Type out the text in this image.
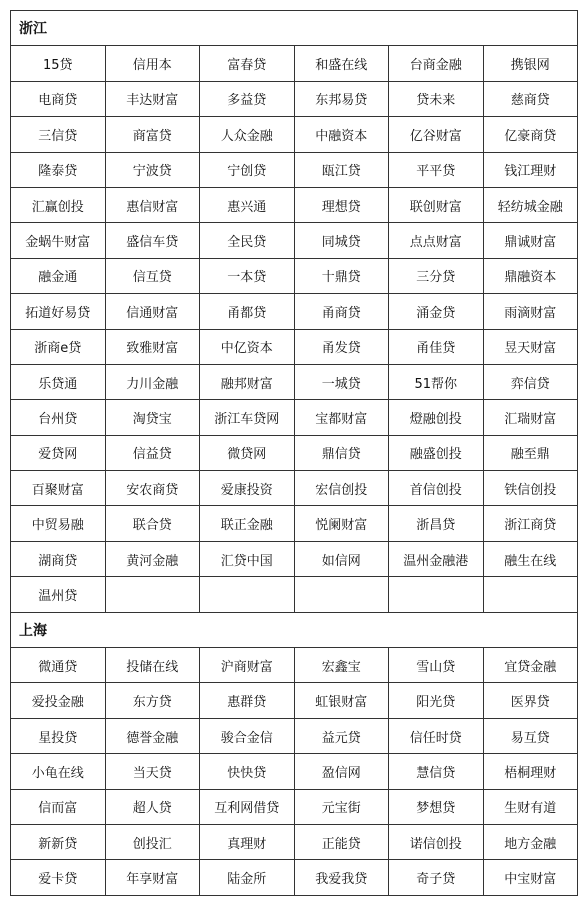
浙江					
15贷	信用本	富春贷	和盛在线	台商金融	携银网
电商贷	丰达财富	多益贷	东邦易贷	贷未来	慈商贷
三信贷	商富贷	人众金融	中融资本	亿谷财富	亿豪商贷
隆泰贷	宁波贷	宁创贷	瓯江贷	平平贷	钱江理财
汇赢创投	惠信财富	惠兴通	理想贷	联创财富	轻纺城金融
金蜗牛财富	盛信车贷	全民贷	同城贷	点点财富	鼎诚财富
融金通	信互贷	一本贷	十鼎贷	三分贷	鼎融资本
拓道好易贷	信通财富	甬都贷	甬商贷	涌金贷	雨滴财富
浙商e贷	致雅财富	中亿资本	甬发贷	甬佳贷	昱天财富
乐贷通	力川金融	融邦财富	一城贷	51帮你	弈信贷
台州贷	淘贷宝	浙江车贷网	宝都财富	燈融创投	汇瑞财富
爱贷网	信益贷	微贷网	鼎信贷	融盛创投	融至鼎
百聚财富	安农商贷	爱康投资	宏信创投	首信创投	铁信创投
中贸易融	联合贷	联正金融	悦阑财富	浙昌贷	浙江商贷
湖商贷	黄河金融	汇贷中国	如信网	温州金融港	融生在线
温州贷					
上海					
微通贷	投储在线	沪商财富	宏鑫宝	雪山贷	宜贷金融
爱投金融	东方贷	惠群贷	虹银财富	阳光贷	医界贷
星投贷	德誉金融	骏合金信	益元贷	信任时贷	易互贷
小龟在线	当天贷	快快贷	盈信网	慧信贷	梧桐理财
信而富	超人贷	互利网借贷	元宝街	梦想贷	生财有道
新新贷	创投汇	真理财	正能贷	诺信创投	地方金融
爱卡贷	年享财富	陆金所	我爱我贷	奇子贷	中宝财富
